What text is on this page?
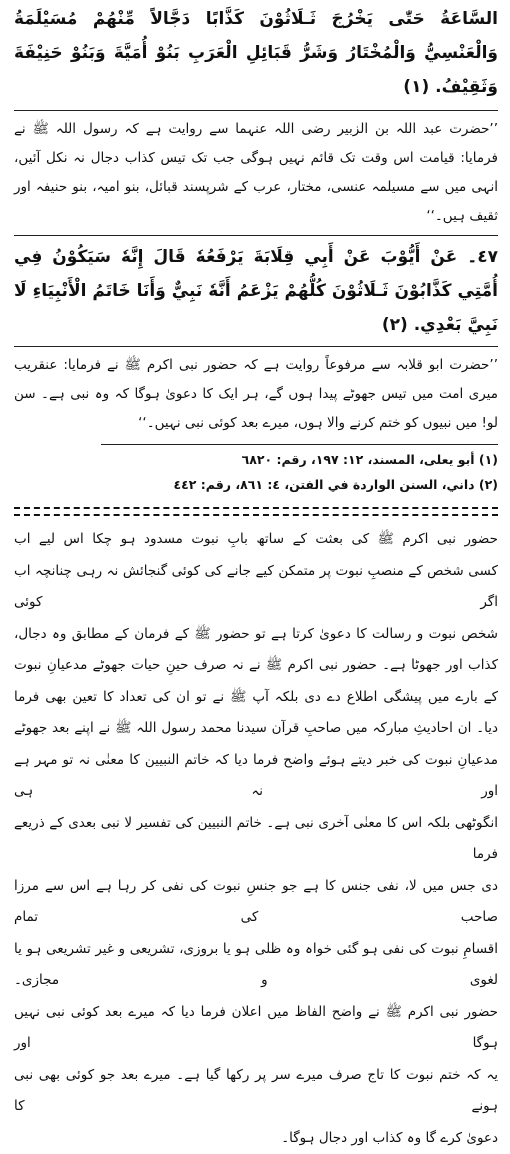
السَّاعَةُ حَتّٰى يَخْرُجَ ثَـلَاثُوْنَ كَذَّابًا دَجَّالاً مِّنْهُمْ مُسَيْلَمَةُ وَالْعَنْسِيُّ وَالْمُخْتَارُ وَشَرُّ قَبَائِلِ الْعَرَبِ بَنُوْ أُمَيَّةَ وَبَنُوْ حَنِيْفَةَ وَثَقِيْفُ. (١)

’’حضرت عبد اللہ بن الزبیر رضی اللہ عنہما سے روایت ہے کہ رسول اللہ ﷺ نے فرمایا: قیامت اس وقت تک قائم نہیں ہوگی جب تک تیس کذاب دجال نہ نکل آئیں، انہی میں سے مسیلمہ عنسی، مختار، عرب کے شرپسند قبائل، بنو امیہ، بنو حنیفہ اور ثقیف ہیں۔‘‘

٤٧۔ عَنْ أَيُّوْبَ عَنْ أَبِي قِلَابَةَ يَرْفَعُهٗ قَالَ إِنَّهٗ سَيَكُوْنُ فِي أُمَّتِي كَذَّابُوْنَ ثَـلَاثُوْنَ كُلُّهُمْ يَزْعَمُ أَنَّهٗ نَبِيٌّ وَأَنَا خَاتَمُ الْأَنْبِيَاءِ لَا نَبِيَّ بَعْدِي. (٢)

’’حضرت ابو قلابہ سے مرفوعاً روایت ہے کہ حضور نبی اکرم ﷺ نے فرمایا: عنقریب میری امت میں تیس جھوٹے پیدا ہوں گے، ہر ایک کا دعویٰ ہوگا کہ وہ نبی ہے۔ سن لو! میں نبیوں کو ختم کرنے والا ہوں، میرے بعد کوئی نبی نہیں۔‘‘

(١) أبو يعلى، المسند، ١٢: ١٩٧، رقم: ٦٨٢٠

(٢) داني، السنن الواردة في الفتن، ٤: ٨٦١، رقم: ٤٤٢

حضور نبی اکرم ﷺ کی بعثت کے ساتھ بابِ نبوت مسدود ہو چکا اس لیے اب
کسی شخص کے منصبِ نبوت پر متمکن کیے جانے کی کوئی گنجائش نہ رہی چنانچہ اب اگر کوئی
شخص نبوت و رسالت کا دعویٰ کرتا ہے تو حضور ﷺ کے فرمان کے مطابق وہ دجال،
کذاب اور جھوٹا ہے۔ حضور نبی اکرم ﷺ نے نہ صرف حینِ حیات جھوٹے مدعیانِ نبوت
کے بارے میں پیشگی اطلاع دے دی بلکہ آپ ﷺ نے تو ان کی تعداد کا تعین بھی فرما
دیا۔ ان احادیثِ مبارکہ میں صاحبِ قرآن سیدنا محمد رسول اللہ ﷺ نے اپنے بعد جھوٹے
مدعیانِ نبوت کی خبر دیتے ہوئے واضح فرما دیا کہ خاتم النبیین کا معنٰی نہ تو مہر ہے اور نہ ہی
انگوٹھی بلکہ اس کا معنٰی آخری نبی ہے۔ خاتم النبیین کی تفسیر لا نبی بعدی کے ذریعے فرما
دی جس میں لا، نفی جنس کا ہے جو جنسِ نبوت کی نفی کر رہا ہے اس سے مرزا صاحب کی تمام
اقسامِ نبوت کی نفی ہو گئی خواہ وہ ظلی ہو یا بروزی، تشریعی و غیر تشریعی ہو یا لغوی و مجازی۔
حضور نبی اکرم ﷺ نے واضح الفاظ میں اعلان فرما دیا کہ میرے بعد کوئی نبی نہیں ہوگا اور
یہ کہ ختم نبوت کا تاج صرف میرے سر پر رکھا گیا ہے۔ میرے بعد جو کوئی بھی نبی ہونے کا
دعویٰ کرے گا وہ کذاب اور دجال ہوگا۔
